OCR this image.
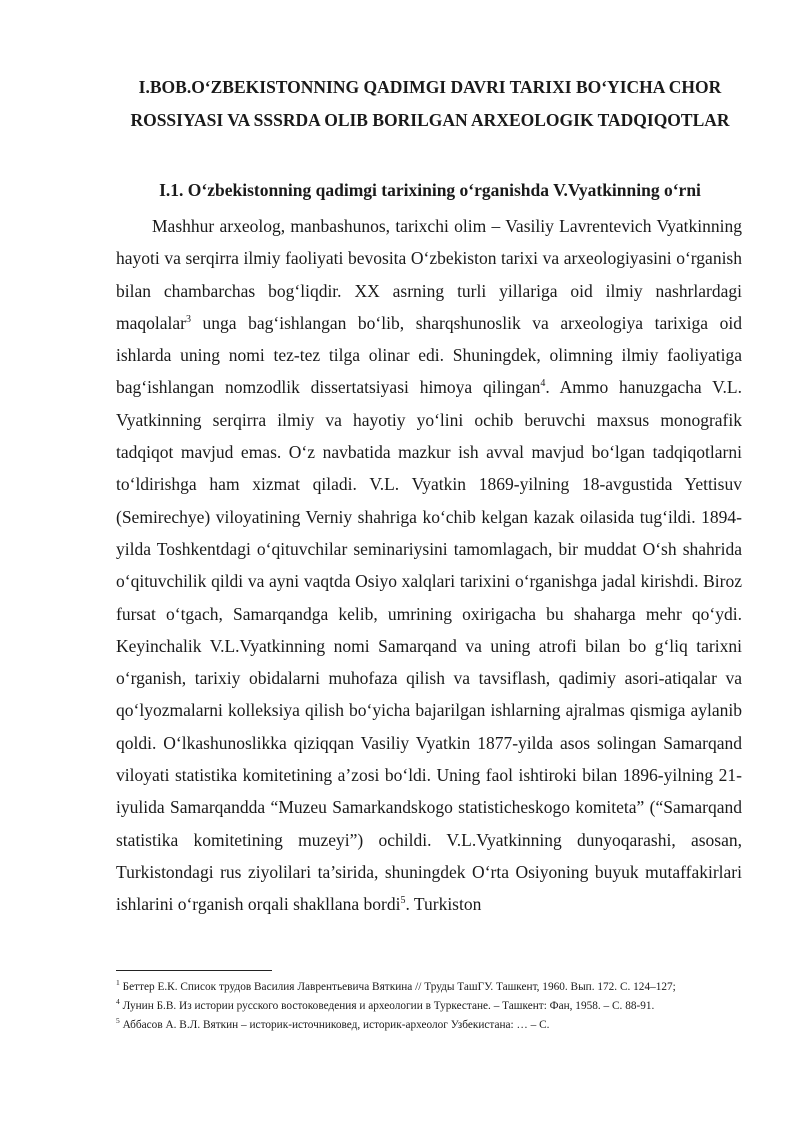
I.BOB.O‘ZBEKISTONNING QADIMGI DAVRI TARIXI BO‘YICHA CHOR ROSSIYASI VA SSSRDA OLIB BORILGAN ARXEOLOGIK TADQIQOTLAR
I.1. O‘zbekistonning qadimgi tarixining o‘rganishda V.Vyatkinning o‘rni

Mashhur arxeolog, manbashunos, tarixchi olim – Vasiliy Lavrentevich Vyatkinning hayoti va serqirra ilmiy faoliyati bevosita O‘zbekiston tarixi va arxeologiyasini o‘rganish bilan chambarchas bog‘liqdir. XX asrning turli yillariga oid ilmiy nashrlardagi maqolalar$^3$ unga bag‘ishlangan bo‘lib, sharqshunoslik va arxeologiya tarixiga oid ishlarda uning nomi tez-tez tilga olinar edi. Shuningdek, olimning ilmiy faoliyatiga bag‘ishlangan nomzodlik dissertatsiyasi himoya qilingan$^4$. Ammo hanuzgacha V.L. Vyatkinning serqirra ilmiy va hayotiy yo‘lini ochib beruvchi maxsus monografik tadqiqot mavjud emas. O‘z navbatida mazkur ish avval mavjud bo‘lgan tadqiqotlarni to‘ldirishga ham xizmat qiladi. V.L. Vyatkin 1869-yilning 18-avgustida Yettisuv (Semirechye) viloyatining Verniy shahriga ko‘chib kelgan kazak oilasida tug‘ildi. 1894-yilda Toshkentdagi o‘qituvchilar seminariysini tamomlagach, bir muddat O‘sh shahrida o‘qituvchilik qildi va ayni vaqtda Osiyo xalqlari tarixini o‘rganishga jadal kirishdi. Biroz fursat o‘tgach, Samarqandga kelib, umrining oxirigacha bu shaharga mehr qo‘ydi. Keyinchalik V.L.Vyatkinning nomi Samarqand va uning atrofi bilan bo g‘liq tarixni o‘rganish, tarixiy obidalarni muhofaza qilish va tavsiflash, qadimiy asori-atiqalar va qo‘lyozmalarni kolleksiya qilish bo‘yicha bajarilgan ishlarning ajralmas qismiga aylanib qoldi. O‘lkashunoslikka qiziqqan Vasiliy Vyatkin 1877-yilda asos solingan Samarqand viloyati statistika komitetining a’zosi bo‘ldi. Uning faol ishtiroki bilan 1896-yilning 21-iyulida Samarqandda “Muzeu Samarkandskogo statisticheskogo komiteta” (“Samarqand statistika komitetining muzeyi”) ochildi. V.L.Vyatkinning dunyoqarashi, asosan, Turkistondagi rus ziyolilari ta’sirida, shuningdek O‘rta Osiyoning buyuk mutaffakirlari ishlarini o‘rganish orqali shakllana bordi$^5$. Turkiston

$^1$ Беттер Е.К. Список трудов Василия Лаврентьевича Вяткина // Труды ТашГУ. Ташкент, 1960. Вып. 172. С. 124–127;

$^4$ Лунин Б.В. Из истории русского востоковедения и археологии в Туркестане. – Ташкент: Фан, 1958. – С. 88-91.

$^5$ Аббасов А. В.Л. Вяткин – историк-источниковед, историк-археолог Узбекистана: … – С.
